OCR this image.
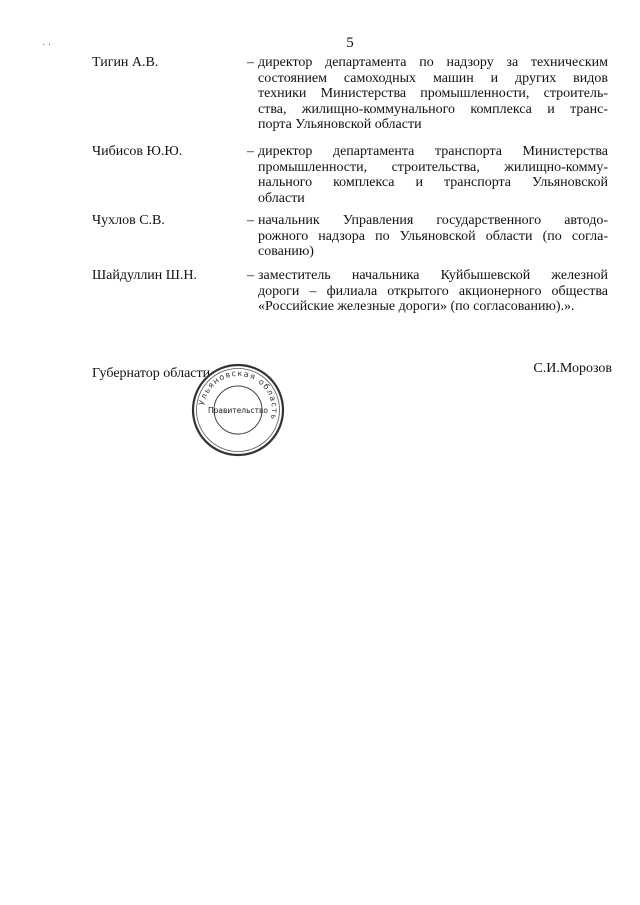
· ·	5
Тигин А.В.	– директор департамента по надзору за техническим
состоянием самоходных машин и других видов
техники Министерства промышленности, строитель-
ства, жилищно-коммунального комплекса и транс-
порта Ульяновской области
Чибисов Ю.Ю.	– директор департамента транспорта Министерства
промышленности, строительства, жилищно-комму-
нального комплекса и транспорта Ульяновской
области
Чухлов С.В.	– начальник Управления государственного автодо-
рожного надзора по Ульяновской области (по согла-
сованию)
Шайдуллин Ш.Н.	– заместитель начальника Куйбышевской железной
дороги – филиала открытого акционерного общества
«Российские железные дороги» (по согласованию).».
Губернатор области	С.И.Морозов
Ульяновская область
Правительство
